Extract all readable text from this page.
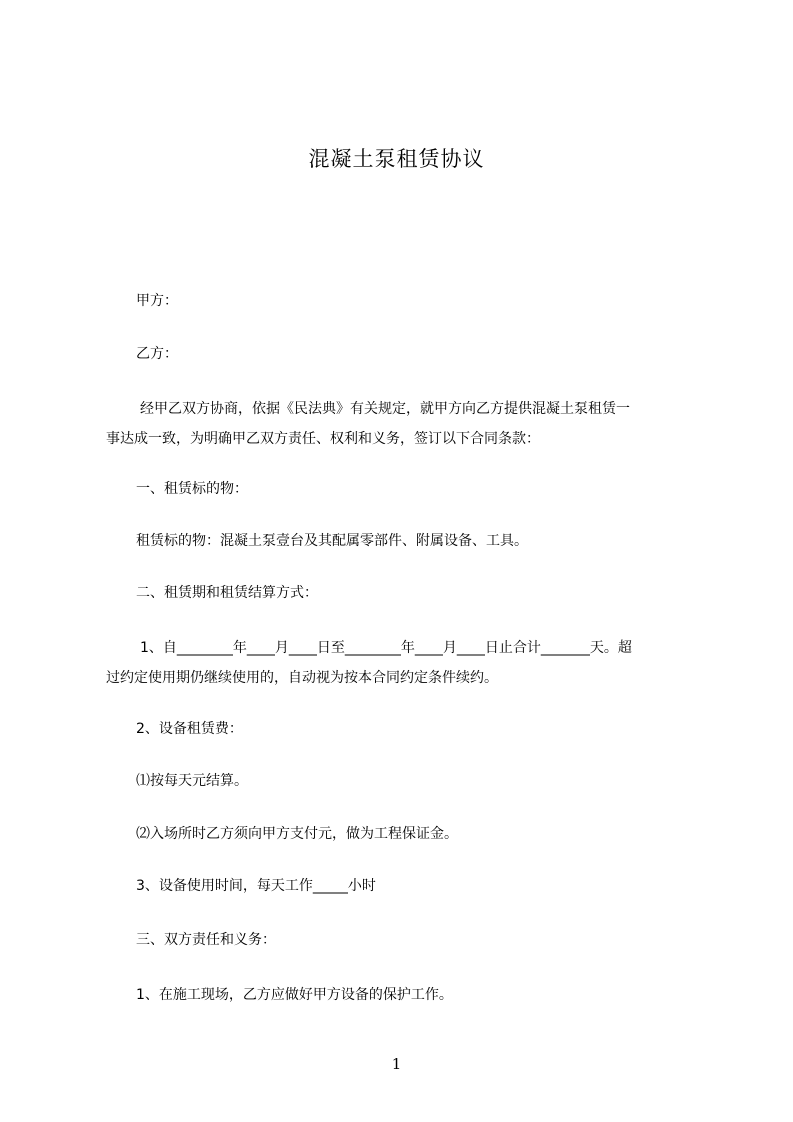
混凝土泵租赁协议
甲方：
乙方：
经甲乙双方协商，依据《民法典》有关规定，就甲方向乙方提供混凝土泵租赁一
事达成一致，为明确甲乙双方责任、权利和义务，签订以下合同条款：
一、租赁标的物：
租赁标的物：混凝土泵壹台及其配属零部件、附属设备、工具。
二、租赁期和租赁结算方式：
1、自________年____月____日至________年____月____日止合计_______天。超
过约定使用期仍继续使用的，自动视为按本合同约定条件续约。
2、设备租赁费：
⑴按每天元结算。
⑵入场所时乙方须向甲方支付元，做为工程保证金。
3、设备使用时间，每天工作_____小时
三、双方责任和义务：
1、在施工现场，乙方应做好甲方设备的保护工作。
1
